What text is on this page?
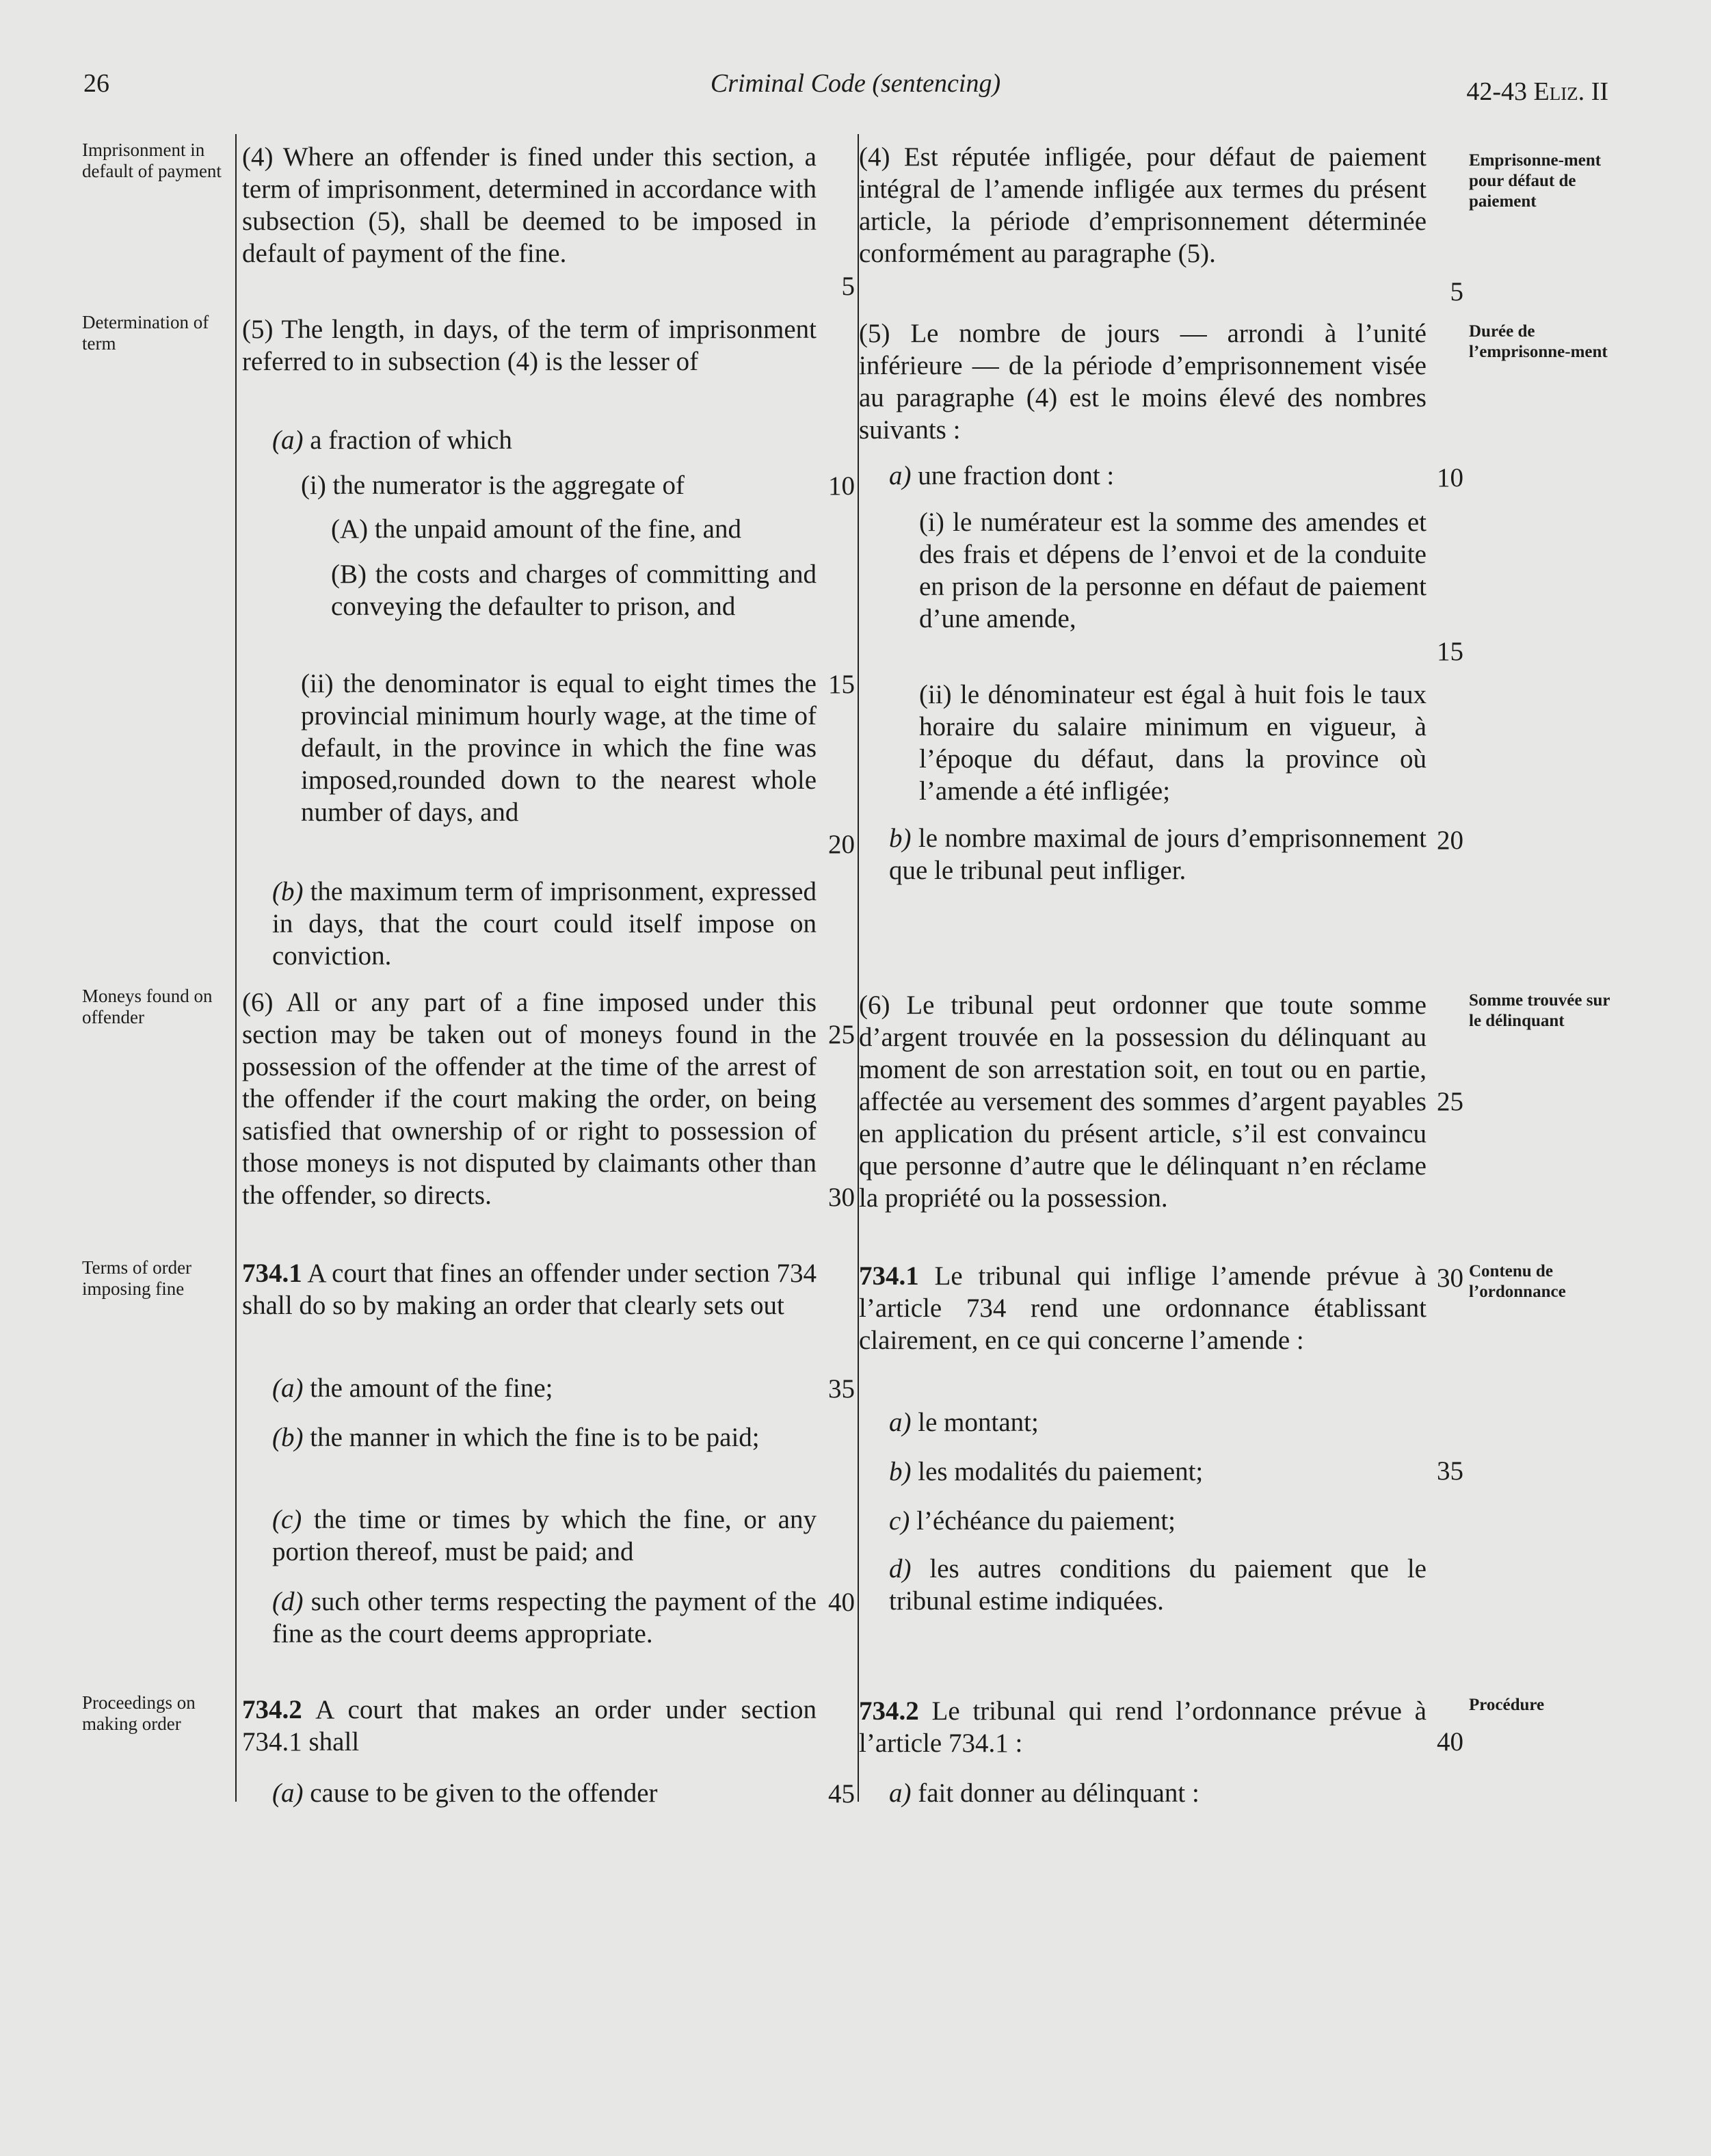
26	Criminal Code (sentencing)	42-43 Eliz. II
Imprisonment in default of payment
Determination of term
Moneys found on offender
Terms of order imposing fine
Proceedings on making order
Emprisonne-ment pour défaut de paiement
Durée de l’emprisonne-ment
Somme trouvée sur le délinquant
Contenu de l’ordonnance
Procédure
(4) Where an offender is fined under this section, a term of imprisonment, determined in accordance with subsection (5), shall be deemed to be imposed in default of payment of the fine.
(5) The length, in days, of the term of imprisonment referred to in subsection (4) is the lesser of
(a) a fraction of which
(i) the numerator is the aggregate of
(A) the unpaid amount of the fine, and
(B) the costs and charges of committing and conveying the defaulter to prison, and
(ii) the denominator is equal to eight times the provincial minimum hourly wage, at the time of default, in the province in which the fine was imposed,rounded down to the nearest whole number of days, and
(b) the maximum term of imprisonment, expressed in days, that the court could itself impose on conviction.
(6) All or any part of a fine imposed under this section may be taken out of moneys found in the possession of the offender at the time of the arrest of the offender if the court making the order, on being satisfied that ownership of or right to possession of those moneys is not disputed by claimants other than the offender, so directs.
734.1 A court that fines an offender under section 734 shall do so by making an order that clearly sets out
(a) the amount of the fine;
(b) the manner in which the fine is to be paid;
(c) the time or times by which the fine, or any portion thereof, must be paid; and
(d) such other terms respecting the payment of the fine as the court deems appropriate.
734.2 A court that makes an order under section 734.1 shall
(a) cause to be given to the offender
5
10
15
20
25
30
35
40
45
(4) Est réputée infligée, pour défaut de paiement intégral de l’amende infligée aux termes du présent article, la période d’emprisonnement déterminée conformément au paragraphe (5).
(5) Le nombre de jours — arrondi à l’unité inférieure — de la période d’emprisonnement visée au paragraphe (4) est le moins élevé des nombres suivants :
a) une fraction dont :
(i) le numérateur est la somme des amendes et des frais et dépens de l’envoi et de la conduite en prison de la personne en défaut de paiement d’une amende,
(ii) le dénominateur est égal à huit fois le taux horaire du salaire minimum en vigueur, à l’époque du défaut, dans la province où l’amende a été infligée;
b) le nombre maximal de jours d’emprisonnement que le tribunal peut infliger.
(6) Le tribunal peut ordonner que toute somme d’argent trouvée en la possession du délinquant au moment de son arrestation soit, en tout ou en partie, affectée au versement des sommes d’argent payables en application du présent article, s’il est convaincu que personne d’autre que le délinquant n’en réclame la propriété ou la possession.
734.1 Le tribunal qui inflige l’amende prévue à l’article 734 rend une ordonnance établissant clairement, en ce qui concerne l’amende :
a) le montant;
b) les modalités du paiement;
c) l’échéance du paiement;
d) les autres conditions du paiement que le tribunal estime indiquées.
734.2 Le tribunal qui rend l’ordonnance prévue à l’article 734.1 :
a) fait donner au délinquant :
5
10
15
20
25
30
35
40
